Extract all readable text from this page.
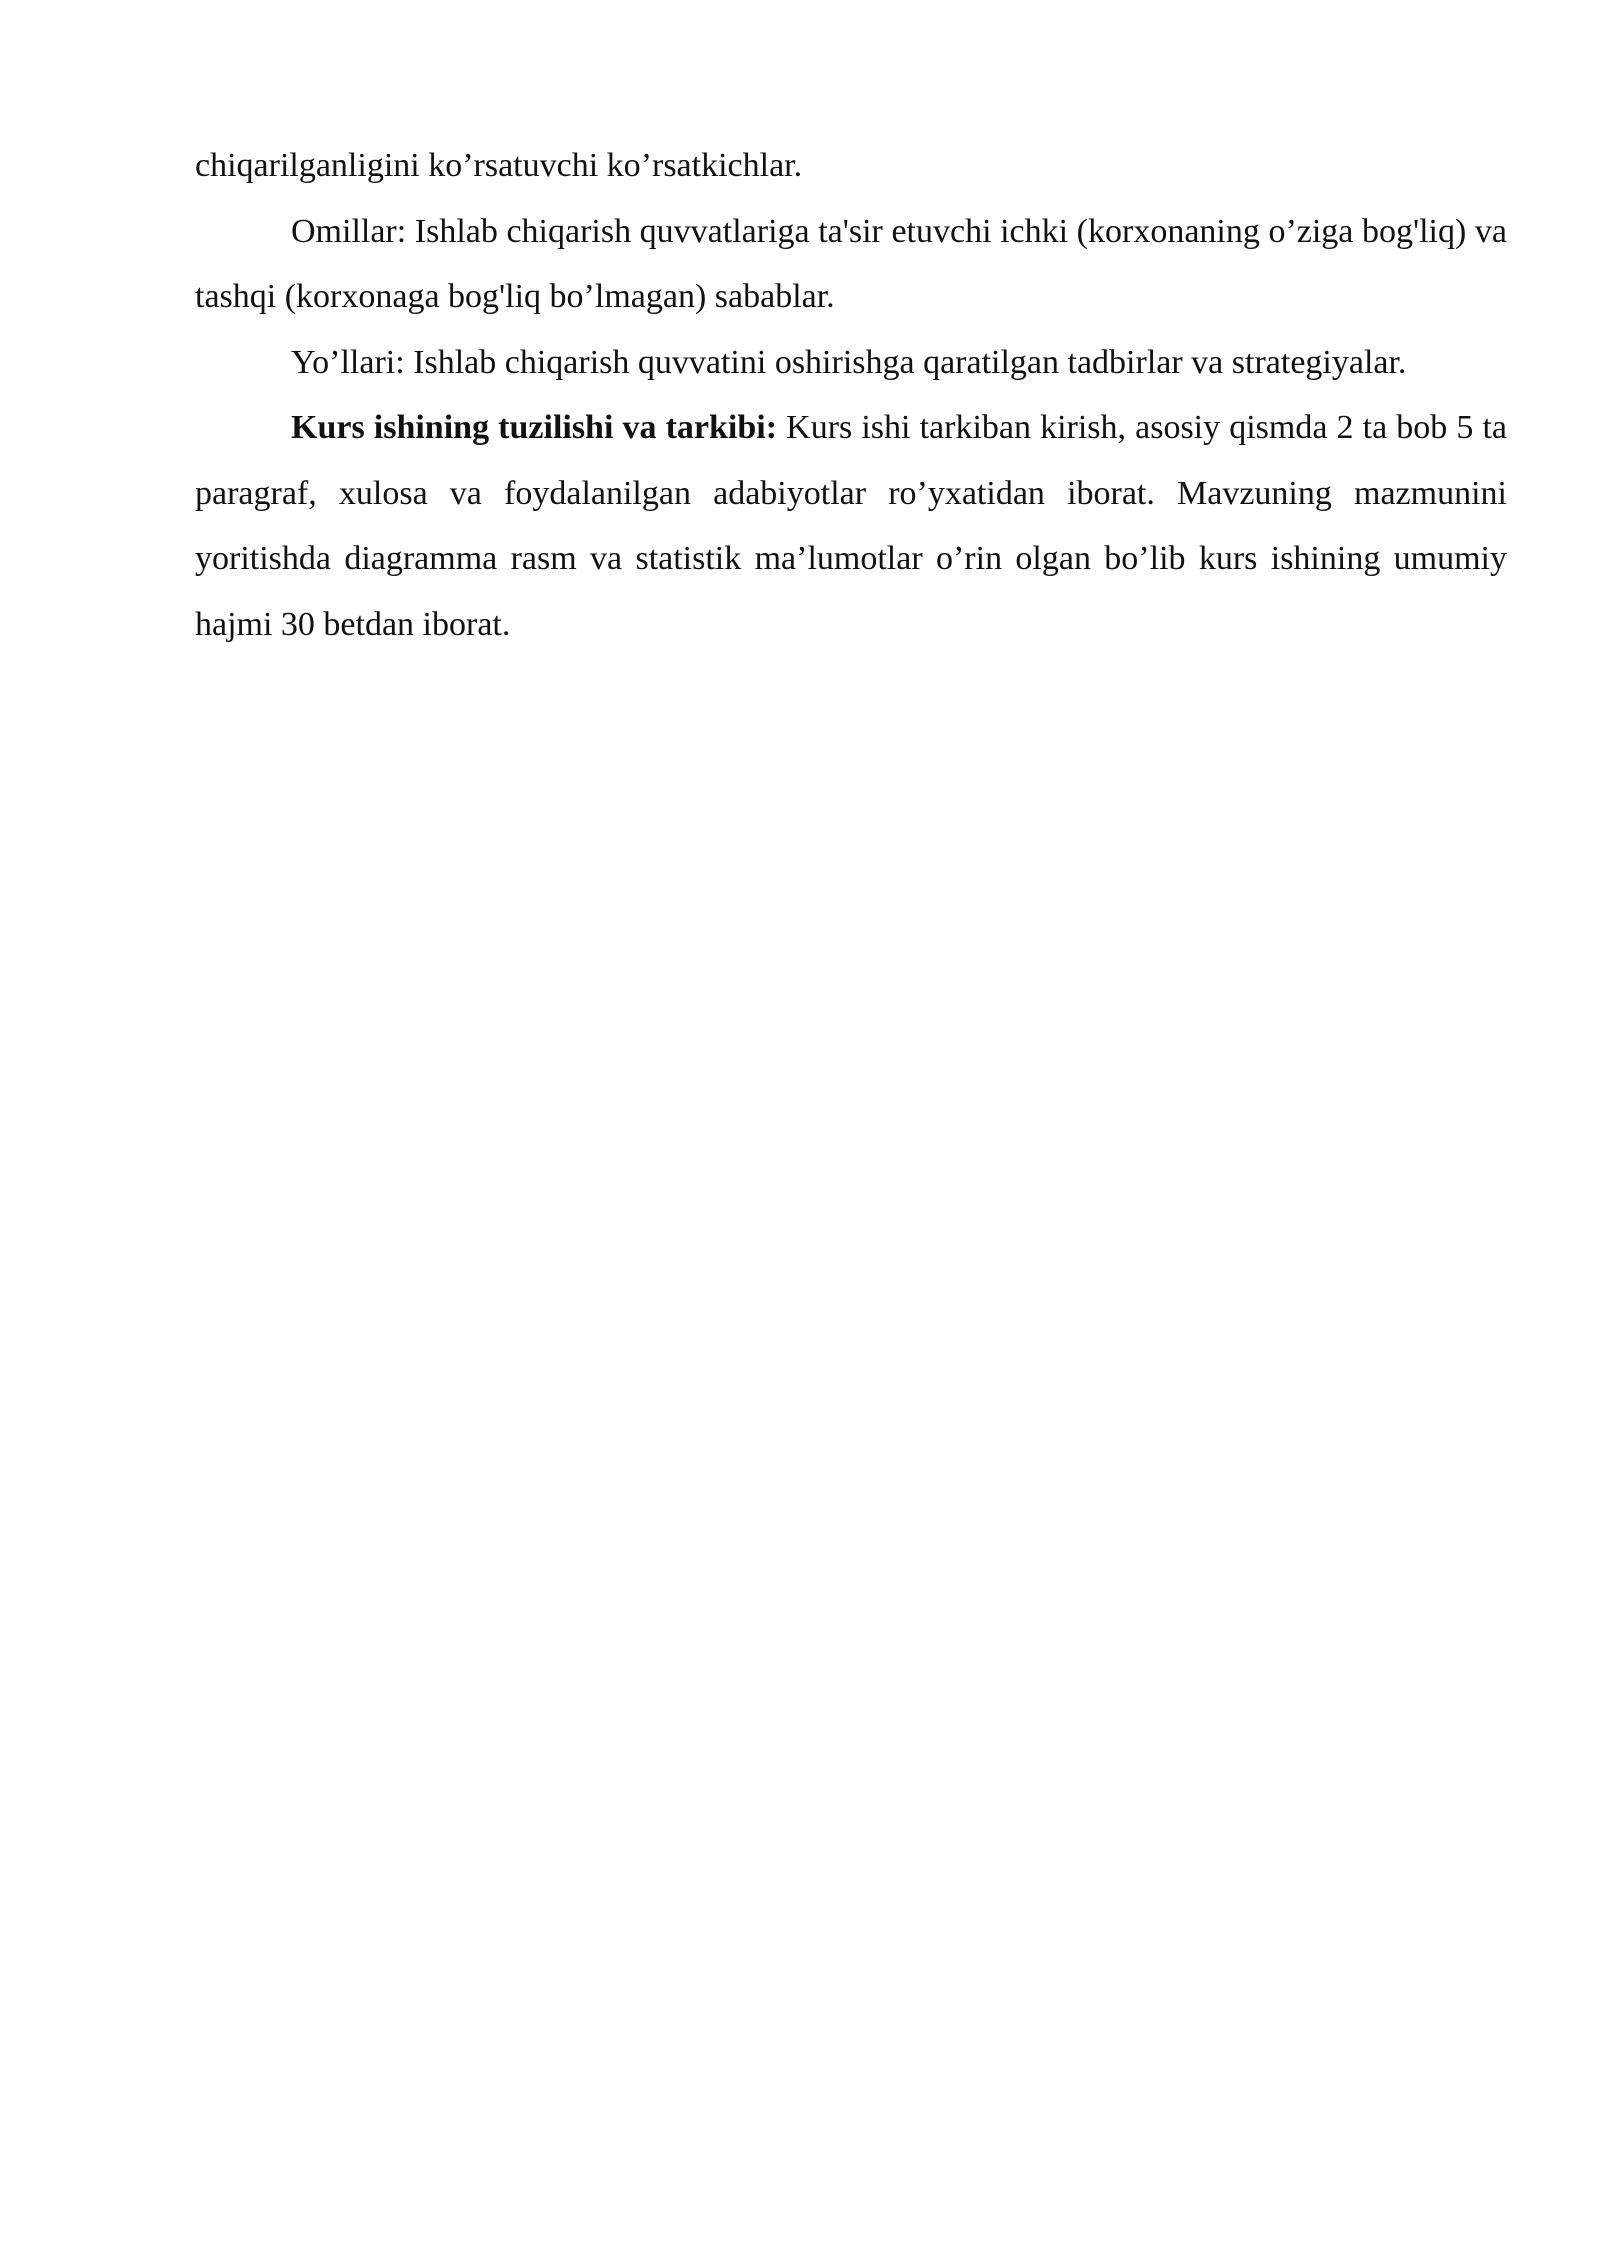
chiqarilganligini ko’rsatuvchi ko’rsatkichlar.

Omillar: Ishlab chiqarish quvvatlariga ta'sir etuvchi ichki (korxonaning o’ziga bog'liq) va tashqi (korxonaga bog'liq bo’lmagan) sabablar.

Yo’llari: Ishlab chiqarish quvvatini oshirishga qaratilgan tadbirlar va strategiyalar.

Kurs ishining tuzilishi va tarkibi: Kurs ishi tarkiban kirish, asosiy qismda 2 ta bob 5 ta paragraf, xulosa va foydalanilgan adabiyotlar ro’yxatidan iborat. Mavzuning mazmunini yoritishda diagramma rasm va statistik ma’lumotlar o’rin olgan bo’lib kurs ishining umumiy hajmi 30 betdan iborat.
